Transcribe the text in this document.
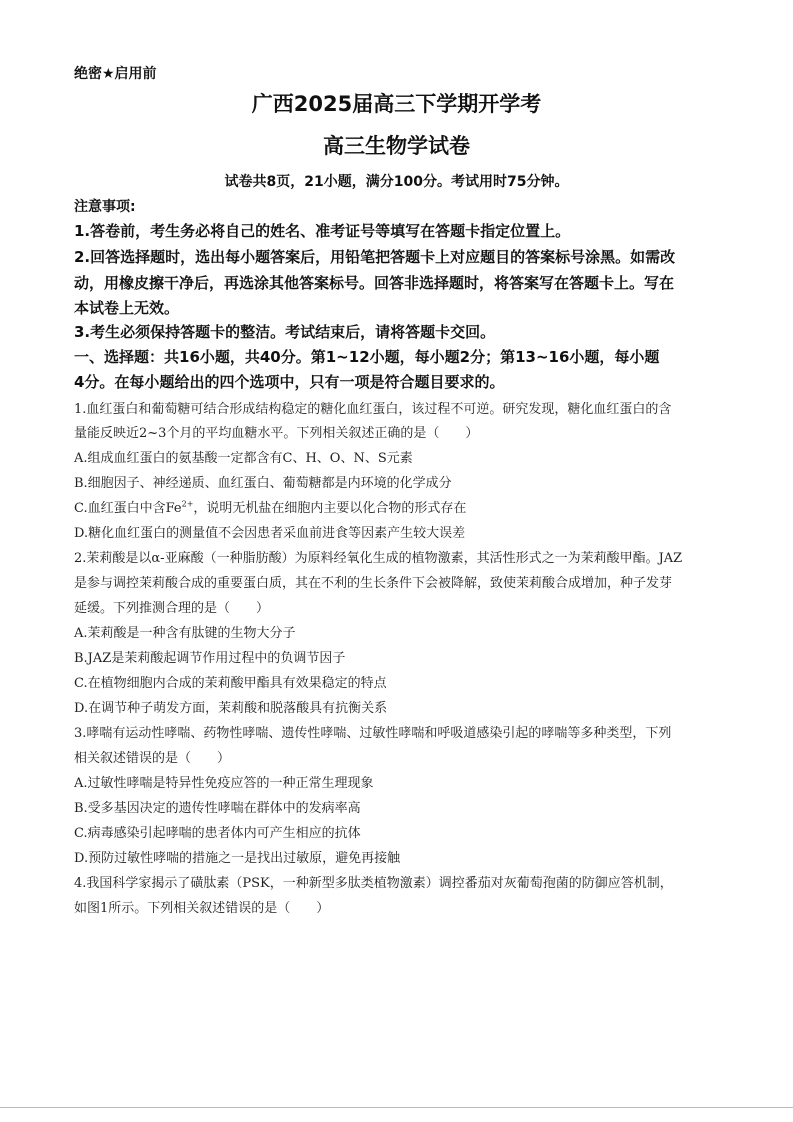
绝密★启用前
广西2025届高三下学期开学考
高三生物学试卷
试卷共8页，21小题，满分100分。考试用时75分钟。
注意事项:
1.答卷前，考生务必将自己的姓名、准考证号等填写在答题卡指定位置上。
2.回答选择题时，选出每小题答案后，用铅笔把答题卡上对应题目的答案标号涂黑。如需改
动，用橡皮擦干净后，再选涂其他答案标号。回答非选择题时，将答案写在答题卡上。写在
本试卷上无效。
3.考生必须保持答题卡的整洁。考试结束后，请将答题卡交回。
一、选择题：共16小题，共40分。第1~12小题，每小题2分；第13~16小题，每小题
4分。在每小题给出的四个选项中，只有一项是符合题目要求的。
1.血红蛋白和葡萄糖可结合形成结构稳定的糖化血红蛋白，该过程不可逆。研究发现，糖化血红蛋白的含
量能反映近2~3个月的平均血糖水平。下列相关叙述正确的是（　　）
A.组成血红蛋白的氨基酸一定都含有C、H、O、N、S元素
B.细胞因子、神经递质、血红蛋白、葡萄糖都是内环境的化学成分
C.血红蛋白中含$Fe^{2+}$，说明无机盐在细胞内主要以化合物的形式存在
D.糖化血红蛋白的测量值不会因患者采血前进食等因素产生较大误差
2.茉莉酸是以α-亚麻酸（一种脂肪酸）为原料经氧化生成的植物激素，其活性形式之一为茉莉酸甲酯。JAZ
是参与调控茉莉酸合成的重要蛋白质，其在不利的生长条件下会被降解，致使茉莉酸合成增加，种子发芽
延缓。下列推测合理的是（　　）
A.茉莉酸是一种含有肽键的生物大分子
B.JAZ是茉莉酸起调节作用过程中的负调节因子
C.在植物细胞内合成的茉莉酸甲酯具有效果稳定的特点
D.在调节种子萌发方面，茉莉酸和脱落酸具有抗衡关系
3.哮喘有运动性哮喘、药物性哮喘、遗传性哮喘、过敏性哮喘和呼吸道感染引起的哮喘等多种类型，下列
相关叙述错误的是（　　）
A.过敏性哮喘是特异性免疫应答的一种正常生理现象
B.受多基因决定的遗传性哮喘在群体中的发病率高
C.病毒感染引起哮喘的患者体内可产生相应的抗体
D.预防过敏性哮喘的措施之一是找出过敏原，避免再接触
4.我国科学家揭示了磺肽素（PSK，一种新型多肽类植物激素）调控番茄对灰葡萄孢菌的防御应答机制，
如图1所示。下列相关叙述错误的是（　　）
